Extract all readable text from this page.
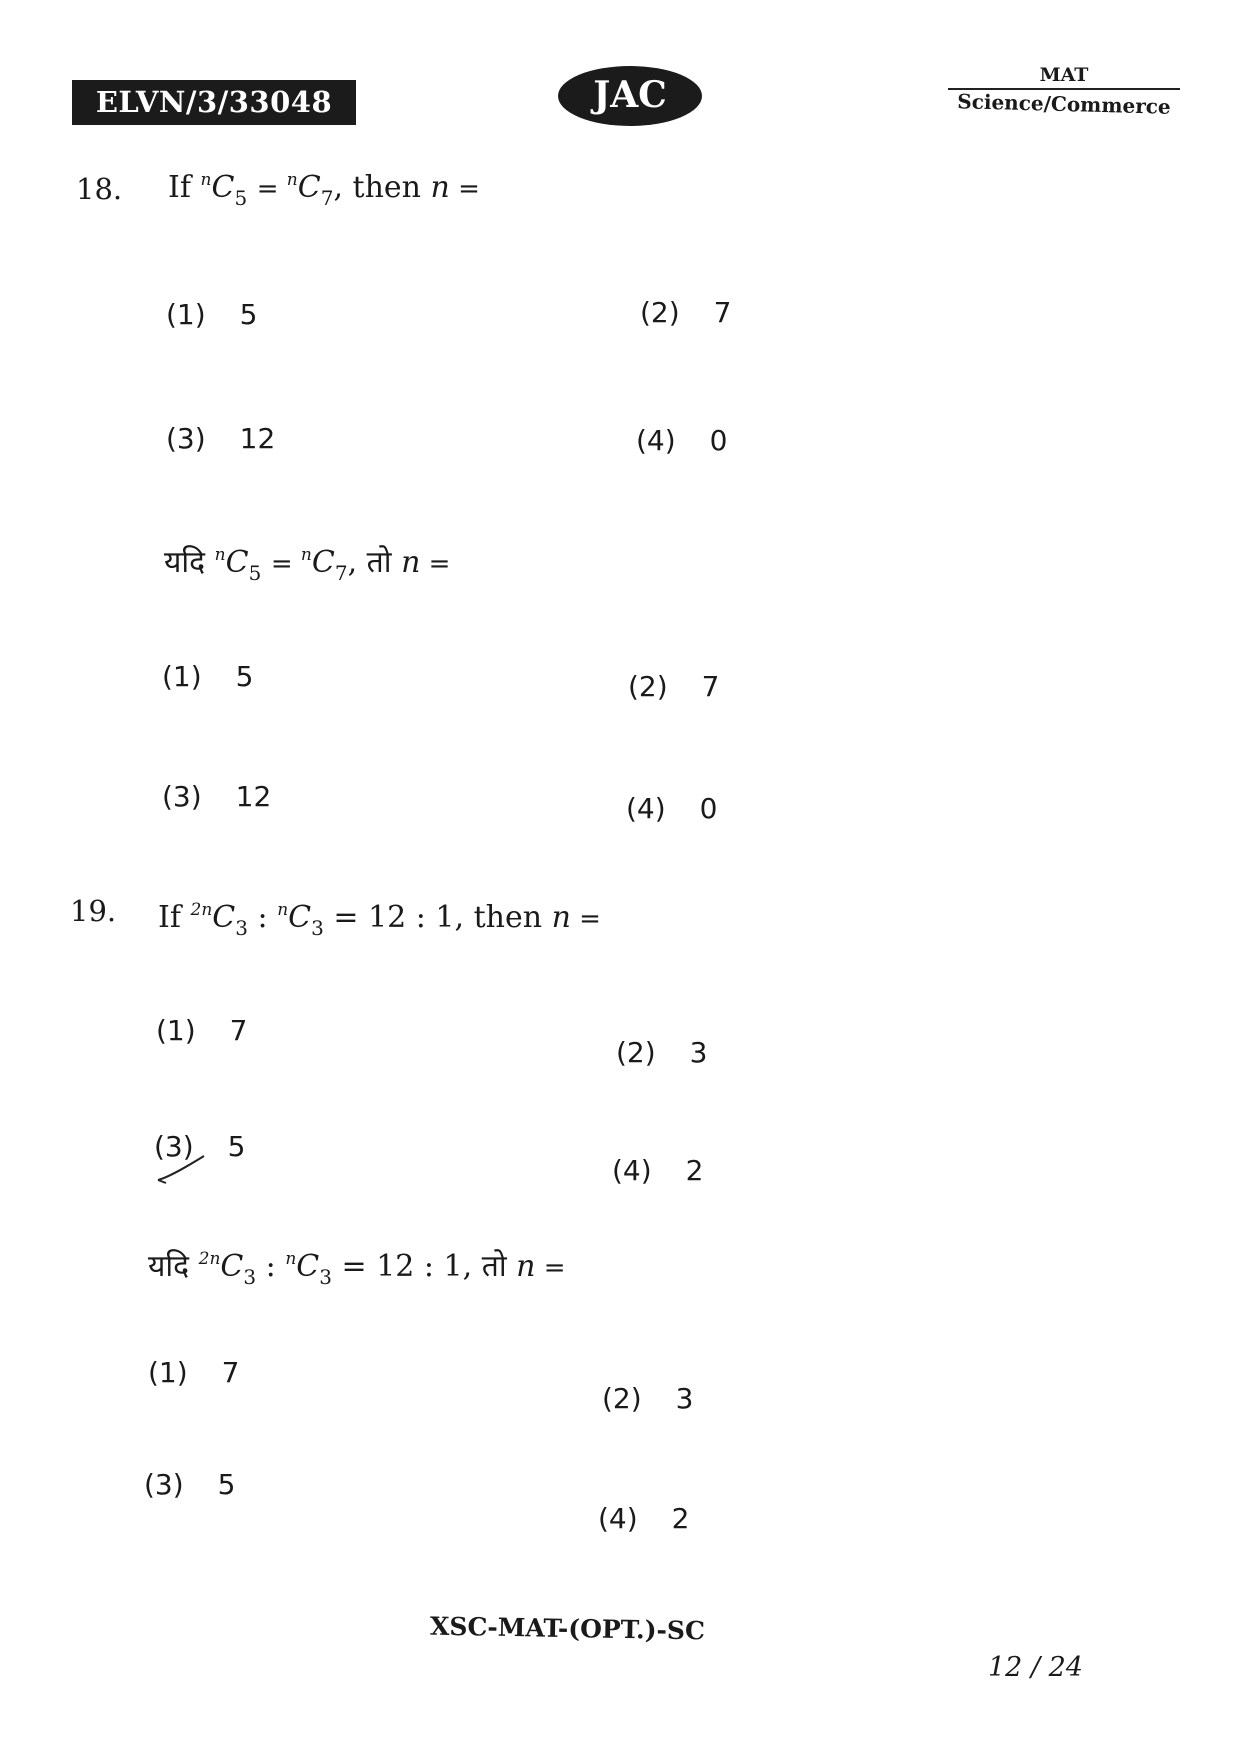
ELVN/3/33048	JAC	MAT
Science/Commerce
18. If $^nC_5 = ^nC_7$, then n =
(1) 5	(2) 7
(3) 12	(4) 0
यदि $^nC_5 = ^nC_7$, तो n =
(1) 5	(2) 7
(3) 12	(4) 0
19. If $^{2n}C_3$ : $^nC_3 = 12$ : 1, then n =
(1) 7
(2) 3
(3) 5
(4) 2
यदि $^{2n}C_3$ : $^nC_3 = 12$ : 1, तो n =
(1) 7
(2) 3
(3) 5
(4) 2
XSC-MAT-(OPT.)-SC
12 / 24
